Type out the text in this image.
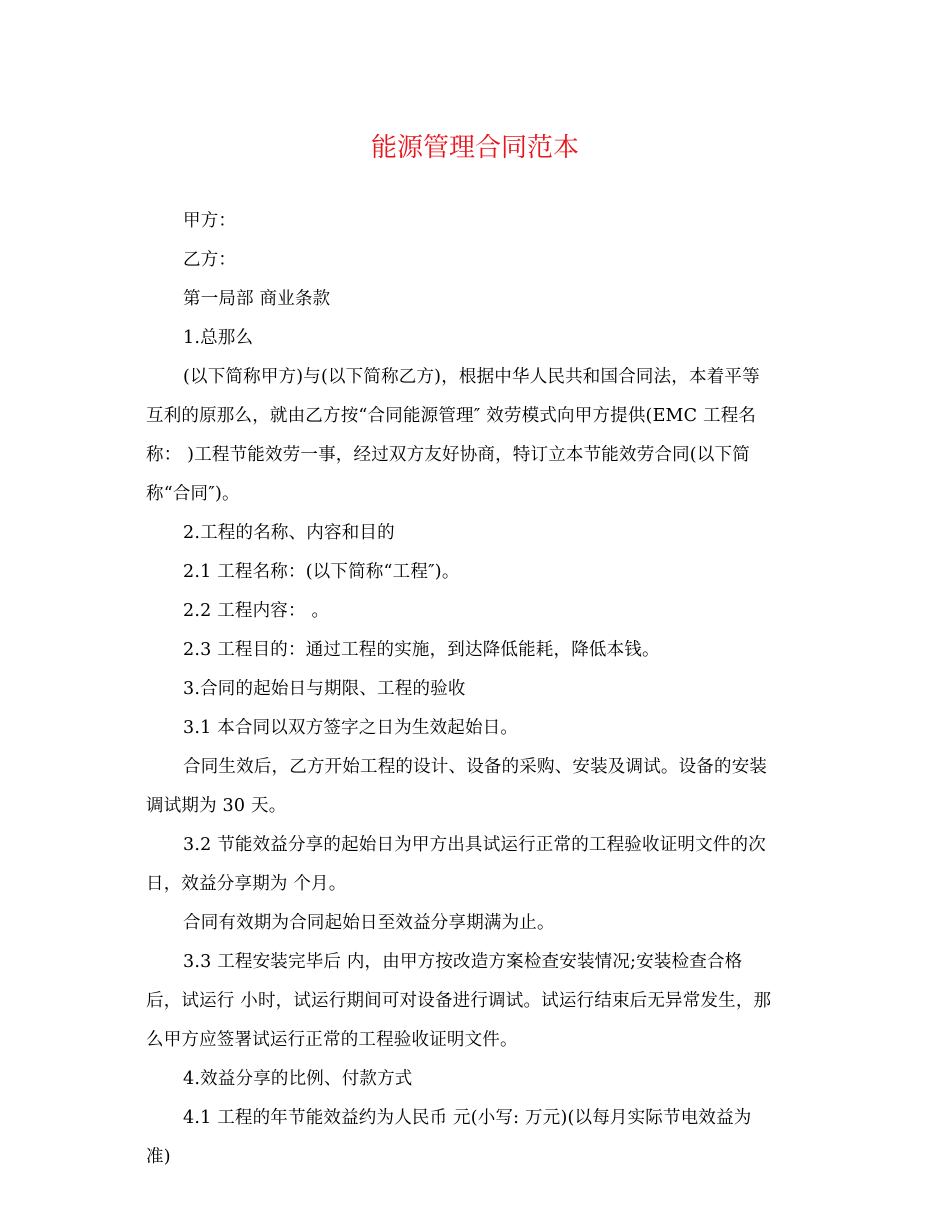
能源管理合同范本
甲方：
乙方：
第一局部 商业条款
1.总那么
(以下简称甲方)与(以下简称乙方)，根据中华人民共和国合同法，本着平等
互利的原那么，就由乙方按“合同能源管理″ 效劳模式向甲方提供(EMC 工程名
称： )工程节能效劳一事，经过双方友好协商，特订立本节能效劳合同(以下简
称“合同″)。
2.工程的名称、内容和目的
2.1 工程名称：(以下简称“工程″)。
2.2 工程内容： 。
2.3 工程目的：通过工程的实施，到达降低能耗，降低本钱。
3.合同的起始日与期限、工程的验收
3.1 本合同以双方签字之日为生效起始日。
合同生效后，乙方开始工程的设计、设备的采购、安装及调试。设备的安装
调试期为 30 天。
3.2 节能效益分享的起始日为甲方出具试运行正常的工程验收证明文件的次
日，效益分享期为 个月。
合同有效期为合同起始日至效益分享期满为止。
3.3 工程安装完毕后 内，由甲方按改造方案检查安装情况;安装检查合格
后，试运行 小时，试运行期间可对设备进行调试。试运行结束后无异常发生，那
么甲方应签署试运行正常的工程验收证明文件。
4.效益分享的比例、付款方式
4.1 工程的年节能效益约为人民币 元(小写: 万元)(以每月实际节电效益为
准)
